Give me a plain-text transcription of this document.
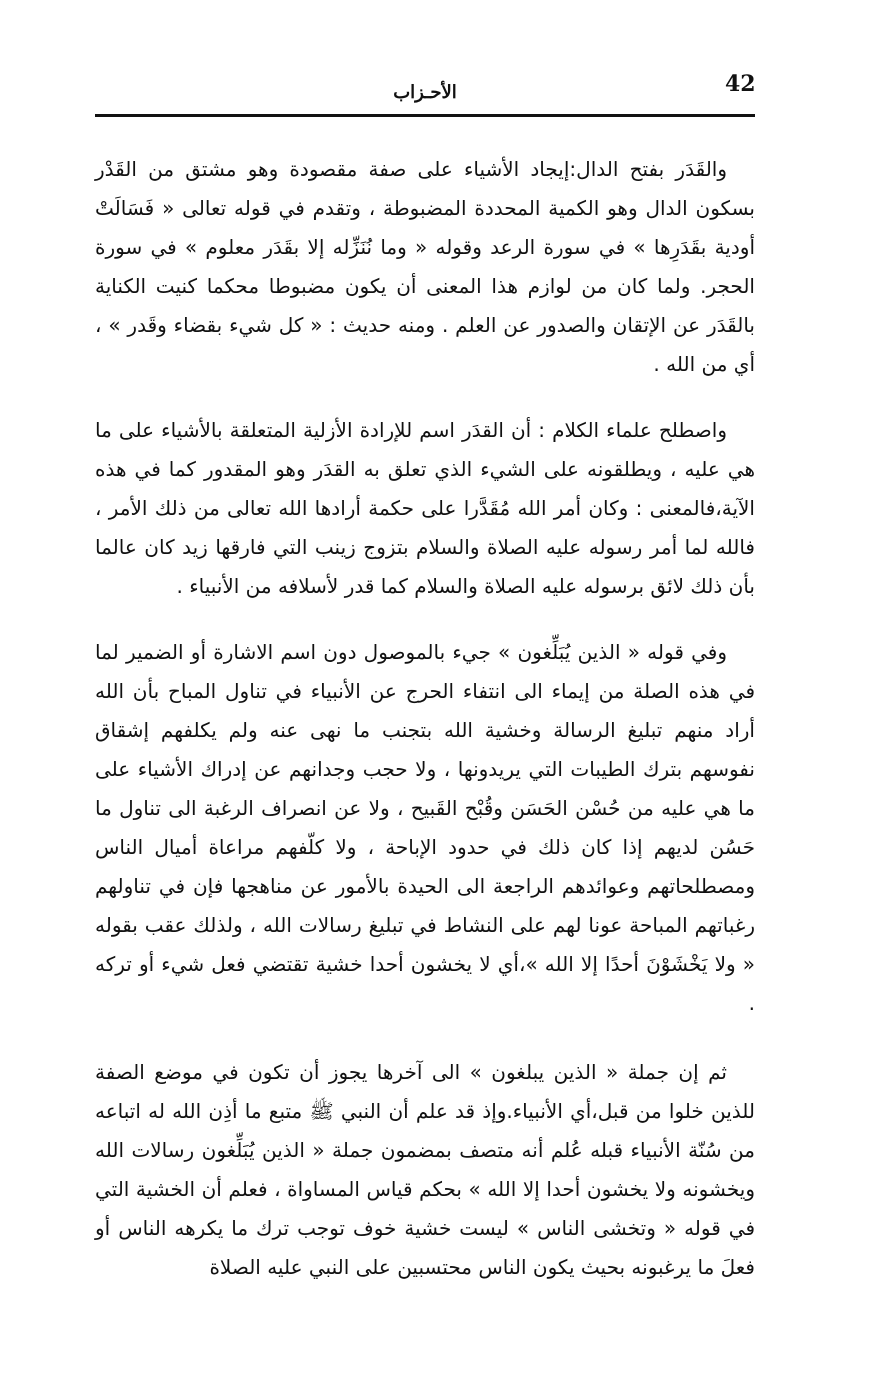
42
الأحـزاب

والقَدَر بفتح الدال:إيجاد الأشياء على صفة مقصودة وهو مشتق من القَدْر بسكون الدال وهو الكمية المحددة المضبوطة ، وتقدم في قوله تعالى « فَسَالَتْ أودية بقَدَرِها » في سورة الرعد وقوله « وما نُنَزِّله إلا بقَدَر معلوم » في سورة الحجر. ولما كان من لوازم هذا المعنى أن يكون مضبوطا محكما كنيت الكناية بالقَدَر عن الإتقان والصدور عن العلم . ومنه حديث : « كل شيء بقضاء وقَدر » ، أي من الله .

واصطلح علماء الكلام : أن القدَر اسم للإرادة الأزلية المتعلقة بالأشياء على ما هي عليه ، ويطلقونه على الشيء الذي تعلق به القدَر وهو المقدور كما في هذه الآية،فالمعنى : وكان أمر الله مُقَدَّرا على حكمة أرادها الله تعالى من ذلك الأمر ، فالله لما أمر رسوله عليه الصلاة والسلام بتزوج زينب التي فارقها زيد كان عالما بأن ذلك لائق برسوله عليه الصلاة والسلام كما قدر لأسلافه من الأنبياء .

وفي قوله « الذين يُبَلِّغون » جيء بالموصول دون اسم الاشارة أو الضمير لما في هذه الصلة من إيماء الى انتفاء الحرج عن الأنبياء في تناول المباح بأن الله أراد منهم تبليغ الرسالة وخشية الله بتجنب ما نهى عنه ولم يكلفهم إشقاق نفوسهم بترك الطيبات التي يريدونها ، ولا حجب وجدانهم عن إدراك الأشياء على ما هي عليه من حُسْن الحَسَن وقُبْح القَبيح ، ولا عن انصراف الرغبة الى تناول ما حَسُن لديهم إذا كان ذلك في حدود الإباحة ، ولا كلّفهم مراعاة أميال الناس ومصطلحاتهم وعوائدهم الراجعة الى الحيدة بالأمور عن مناهجها فإن في تناولهم رغباتهم المباحة عونا لهم على النشاط في تبليغ رسالات الله ، ولذلك عقب بقوله « ولا يَخْشَوْنَ أحدًا إلا الله »،أي لا يخشون أحدا خشية تقتضي فعل شيء أو تركه .

ثم إن جملة « الذين يبلغون » الى آخرها يجوز أن تكون في موضع الصفة للذين خلوا من قبل،أي الأنبياء.وإذ قد علم أن النبي ﷺ متبع ما أذِن الله له اتباعه من سُنّة الأنبياء قبله عُلم أنه متصف بمضمون جملة « الذين يُبَلِّغون رسالات الله ويخشونه ولا يخشون أحدا إلا الله » بحكم قياس المساواة ، فعلم أن الخشية التي في قوله « وتخشى الناس » ليست خشية خوف توجب ترك ما يكرهه الناس أو فعلَ ما يرغبونه بحيث يكون الناس محتسبين على النبي عليه الصلاة
